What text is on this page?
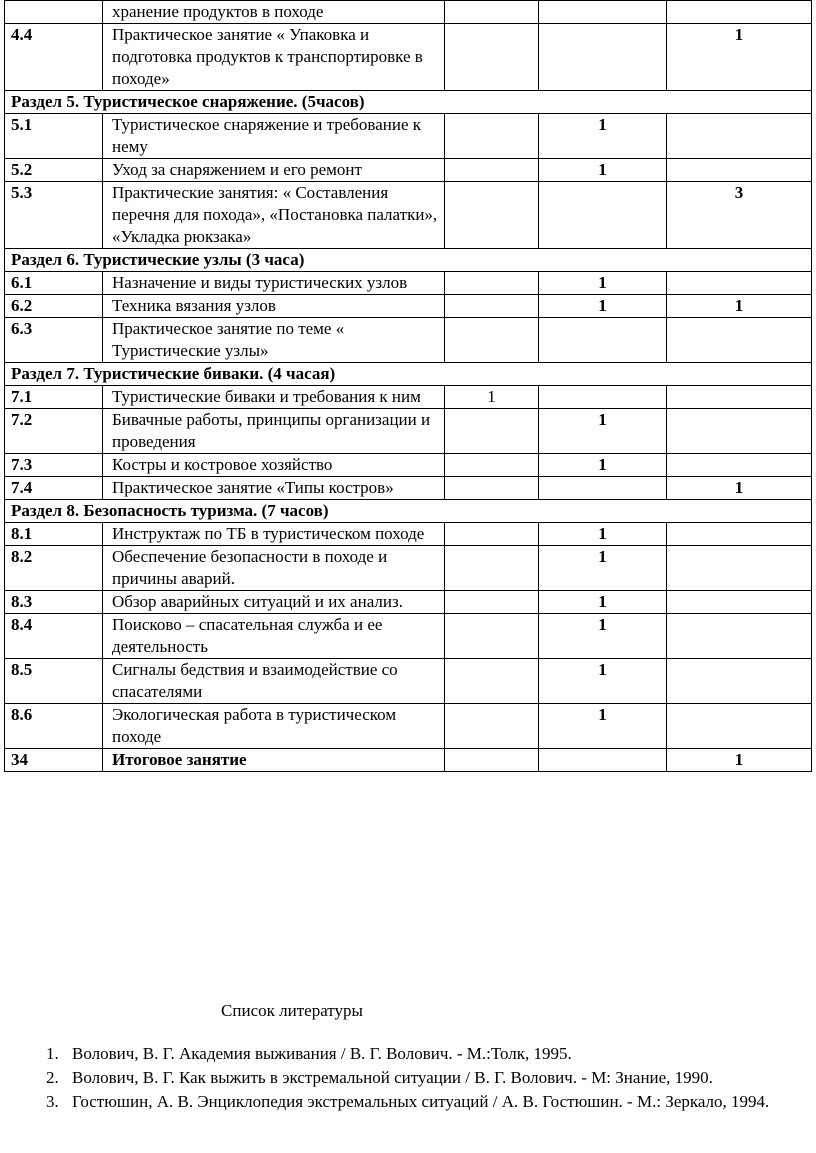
	хранение продуктов в походе			
4.4	Практическое занятие « Упаковка и подготовка продуктов к транспортировке в походе»			1
Раздел 5. Туристическое снаряжение. (5часов)				
5.1	Туристическое снаряжение и требование к нему		1	
5.2	Уход за снаряжением и его ремонт		1	
5.3	Практические занятия: « Составления перечня для похода», «Постановка палатки», «Укладка рюкзака»			3
Раздел 6. Туристические узлы (3 часа)				
6.1	Назначение и виды туристических узлов		1	
6.2	Техника вязания узлов		1	1
6.3	Практическое занятие по теме « Туристические узлы»			
Раздел 7. Туристические биваки. (4 часая)				
7.1	Туристические биваки и требования к ним	1		
7.2	Бивачные работы, принципы организации и проведения		1	
7.3	Костры и костровое хозяйство		1	
7.4	Практическое занятие «Типы костров»			1
Раздел 8. Безопасность туризма. (7 часов)				
8.1	Инструктаж по ТБ в туристическом походе		1	
8.2	Обеспечение безопасности в походе и причины аварий.		1	
8.3	Обзор аварийных ситуаций и их анализ.		1	
8.4	Поисково – спасательная служба и ее деятельность		1	
8.5	Сигналы бедствия и взаимодействие со спасателями		1	
8.6	Экологическая работа в туристическом походе		1	
34	Итоговое занятие			1
Список литературы
1. Волович, В. Г. Академия выживания / В. Г. Волович. - М.:Толк, 1995.
2. Волович, В. Г. Как выжить в экстремальной ситуации / В. Г. Волович. - М: Знание, 1990.
3. Гостюшин, А. В. Энциклопедия экстремальных ситуаций / А. В. Гостюшин. - М.: Зеркало, 1994.
